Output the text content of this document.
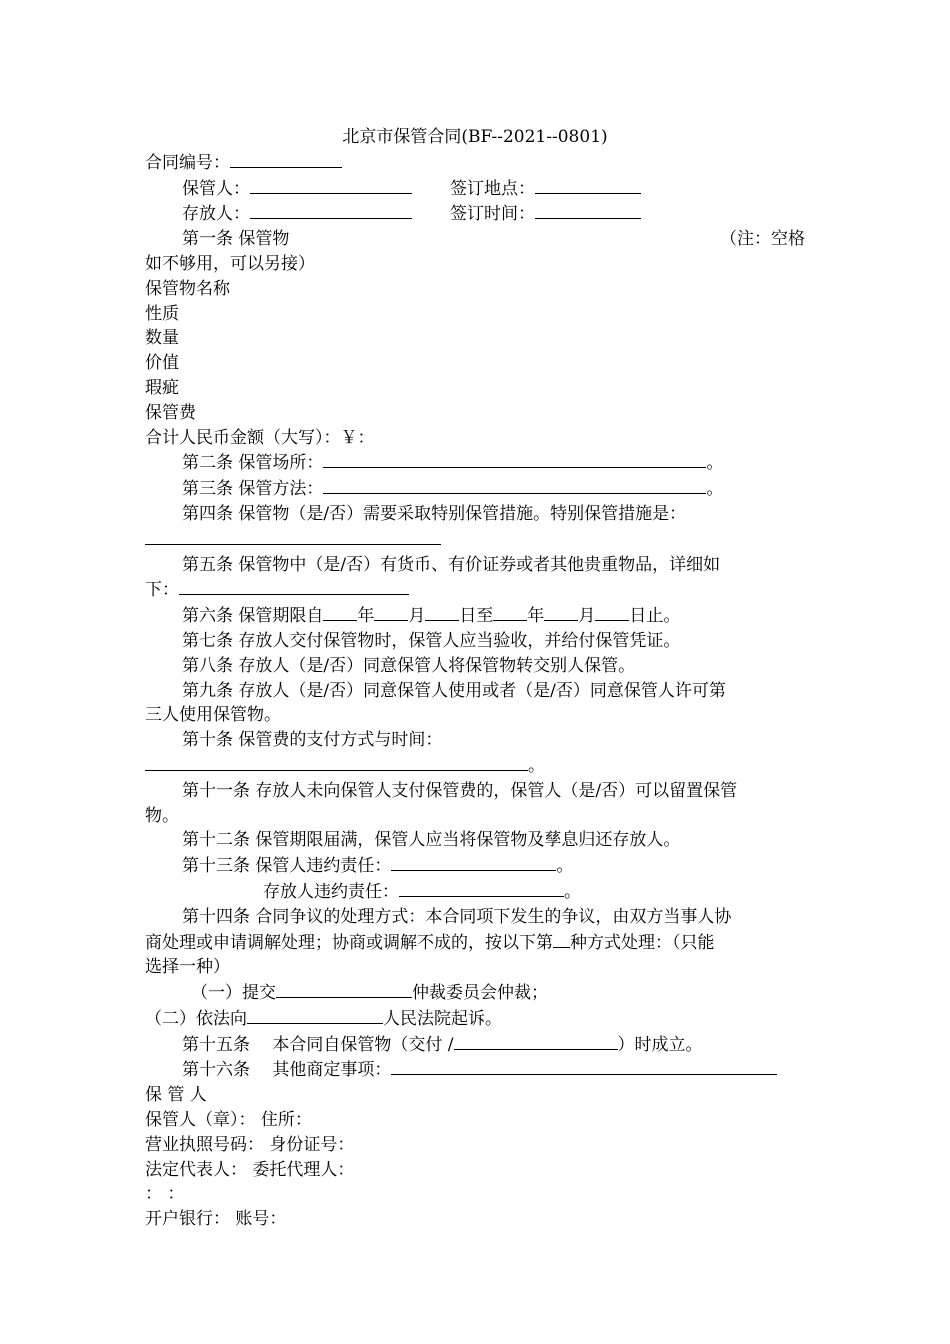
北京市保管合同(BF--2021--0801)
合同编号：
保管人：	签订地点：
存放人：	签订时间：
第一条 保管物	（注：空格
如不够用，可以另接）
保管物名称
性质
数量
价值
瑕疵
保管费
合计人民币金额（大写）：￥：
第二条 保管场所：	。
第三条 保管方法：	。
第四条 保管物（是/否）需要采取特别保管措施。特别保管措施是：
第五条 保管物中（是/否）有货币、有价证券或者其他贵重物品，详细如
下：
第六条 保管期限自 年 月 日至 年 月 日止。
第七条 存放人交付保管物时，保管人应当验收，并给付保管凭证。
第八条 存放人（是/否）同意保管人将保管物转交别人保管。
第九条 存放人（是/否）同意保管人使用或者（是/否）同意保管人许可第
三人使用保管物。
第十条 保管费的支付方式与时间：
。
第十一条 存放人未向保管人支付保管费的，保管人（是/否）可以留置保管
物。
第十二条 保管期限届满，保管人应当将保管物及孳息归还存放人。
第十三条 保管人违约责任：	。
存放人违约责任：	。
第十四条 合同争议的处理方式：本合同项下发生的争议，由双方当事人协
商处理或申请调解处理；协商或调解不成的，按以下第 种方式处理：（只能
选择一种）
（一）提交	仲裁委员会仲裁；
（二）依法向	人民法院起诉。
第十五条　 本合同自保管物（交付 /	）时成立。
第十六条　 其他商定事项：
保 管 人
保管人（章）： 住所：
营业执照号码： 身份证号：
法定代表人： 委托代理人：
： ：
开户银行： 账号：
